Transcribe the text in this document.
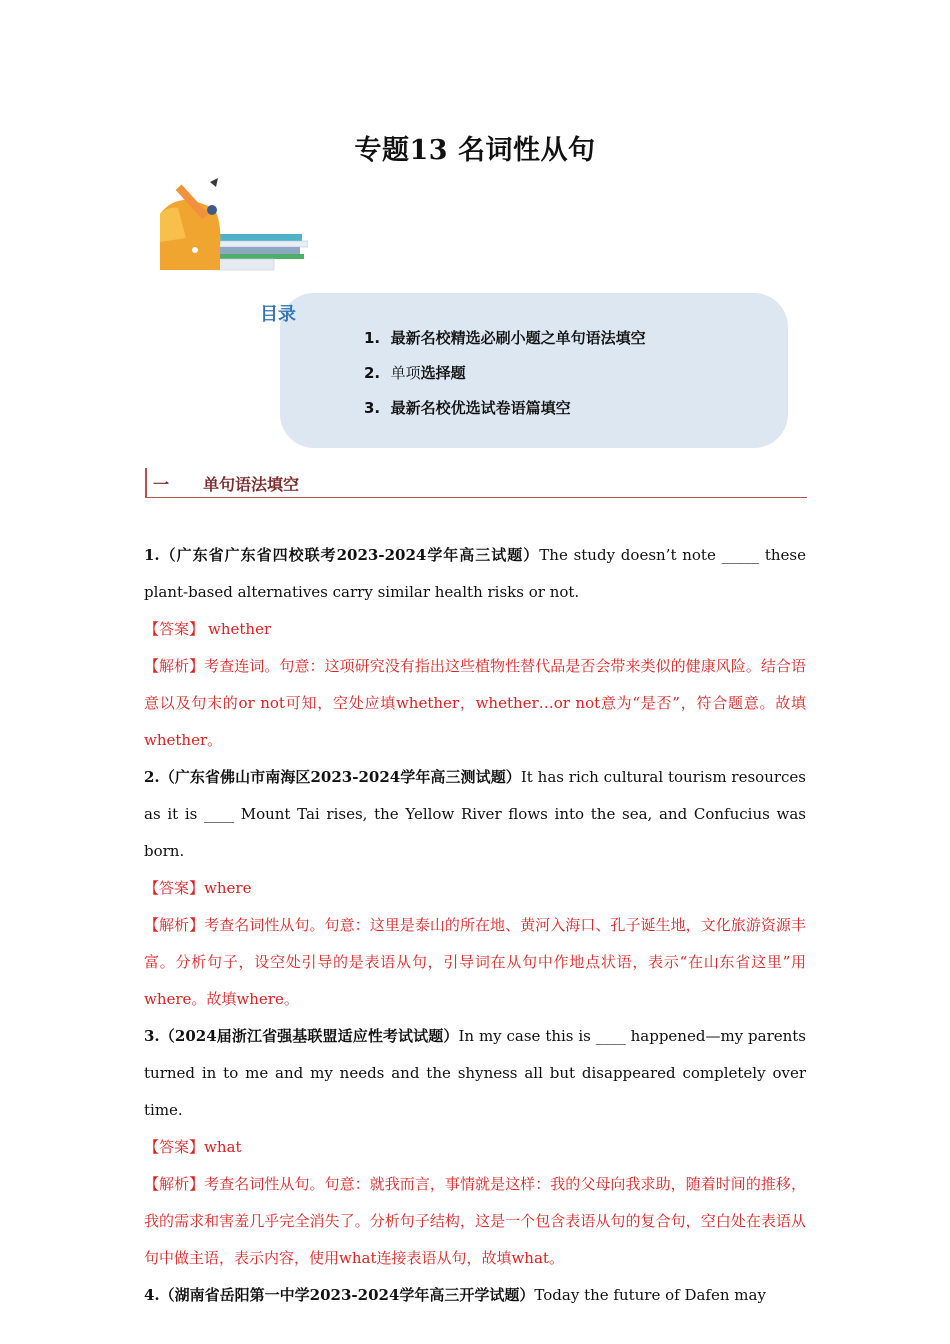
专题13 名词性从句
目录
1. 最新名校精选必刷小题之单句语法填空
2. 单项选择题
3. 最新名校优选试卷语篇填空
一 单句语法填空

1.（广东省广东省四校联考2023-2024学年高三试题）The study doesn’t note _____ these plant-based alternatives carry similar health risks or not.

【答案】 whether

【解析】考查连词。句意：这项研究没有指出这些植物性替代品是否会带来类似的健康风险。结合语意以及句末的or not可知，空处应填whether，whether…or not意为“是否”，符合题意。故填whether。

2.（广东省佛山市南海区2023-2024学年高三测试题）It has rich cultural tourism resources as it is ____ Mount Tai rises, the Yellow River flows into the sea, and Confucius was born.

【答案】where

【解析】考查名词性从句。句意：这里是泰山的所在地、黄河入海口、孔子诞生地，文化旅游资源丰富。分析句子，设空处引导的是表语从句，引导词在从句中作地点状语，表示“在山东省这里”用where。故填where。

3.（2024届浙江省强基联盟适应性考试试题）In my case this is ____ happened—my parents turned in to me and my needs and the shyness all but disappeared completely over time.

【答案】what

【解析】考查名词性从句。句意：就我而言，事情就是这样：我的父母向我求助，随着时间的推移，我的需求和害羞几乎完全消失了。分析句子结构，这是一个包含表语从句的复合句，空白处在表语从句中做主语，表示内容，使用what连接表语从句，故填what。

4.（湖南省岳阳第一中学2023-2024学年高三开学试题）Today the future of Dafen may
